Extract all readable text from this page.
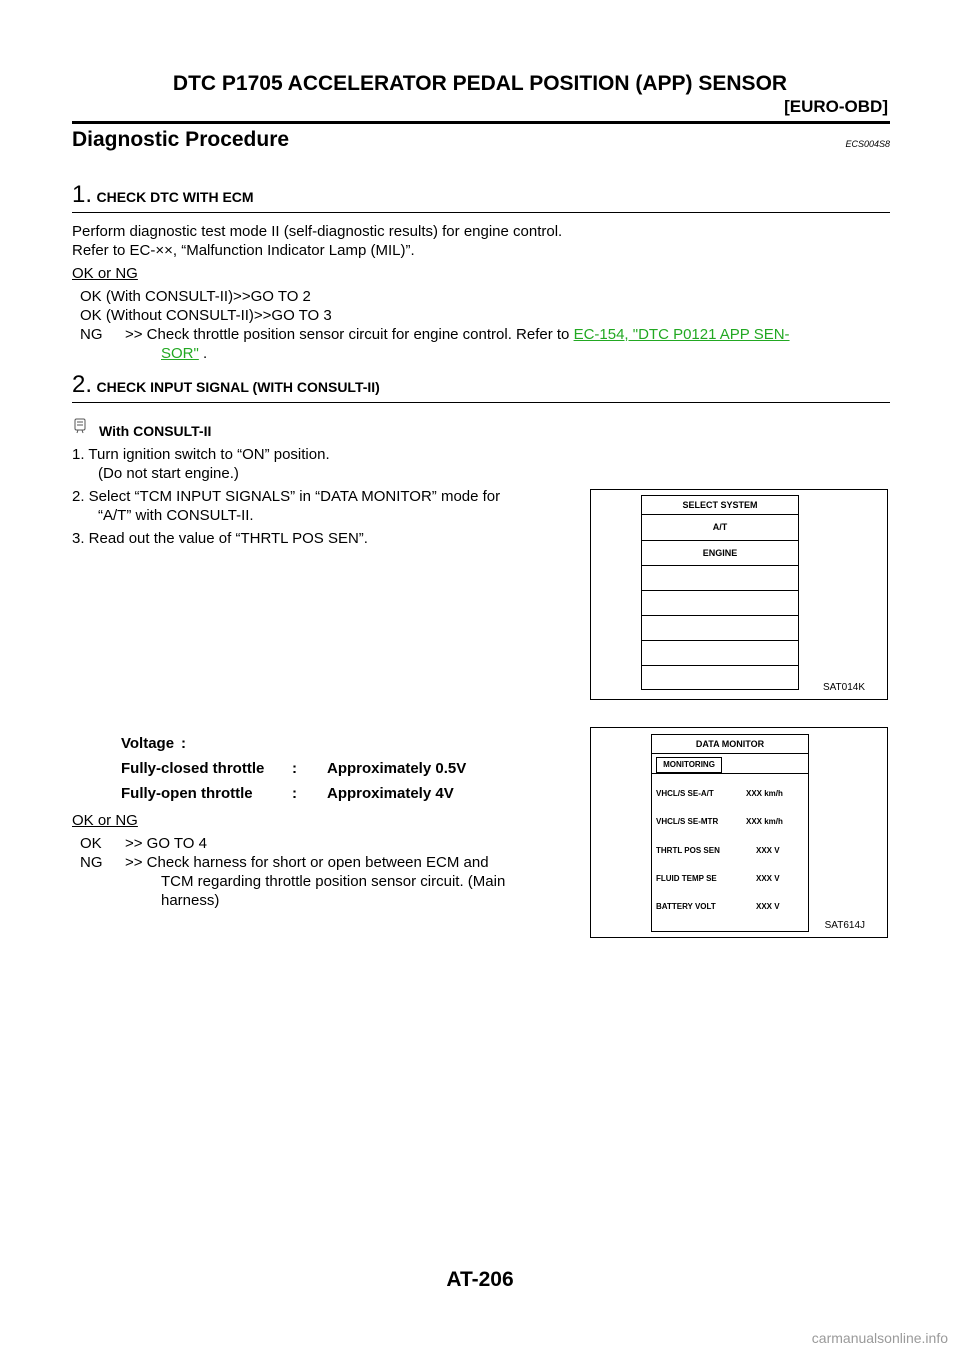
DTC P1705 ACCELERATOR PEDAL POSITION (APP) SENSOR
[EURO-OBD]
Diagnostic Procedure	ECS004S8
1. CHECK DTC WITH ECM
Perform diagnostic test mode II (self-diagnostic results) for engine control.
Refer to EC-××, “Malfunction Indicator Lamp (MIL)”.
OK or NG
OK (With CONSULT-II)>>GO TO 2
OK (Without CONSULT-II)>>GO TO 3
NG >> Check throttle position sensor circuit for engine control. Refer to EC-154, "DTC P0121 APP SEN-
SOR" .
2. CHECK INPUT SIGNAL (WITH CONSULT-II)
With CONSULT-II
1. Turn ignition switch to “ON” position.
(Do not start engine.)
2. Select “TCM INPUT SIGNALS” in “DATA MONITOR” mode for
“A/T” with CONSULT-II.
3. Read out the value of “THRTL POS SEN”.
SELECT SYSTEM
A/T
ENGINE
SAT014K
Voltage :
Fully-closed throttle : Approximately 0.5V
Fully-open throttle	: Approximately 4V
OK or NG
OK >> GO TO 4
NG >> Check harness for short or open between ECM and
TCM regarding throttle position sensor circuit. (Main
harness)
DATA MONITOR
MONITORING
VHCL/S SE-A/T	XXX km/h
VHCL/S SE-MTR	XXX km/h
THRTL POS SEN	XXX V
FLUID TEMP SE	XXX V
BATTERY VOLT	XXX V
SAT614J
AT-206
carmanualsonline.info
